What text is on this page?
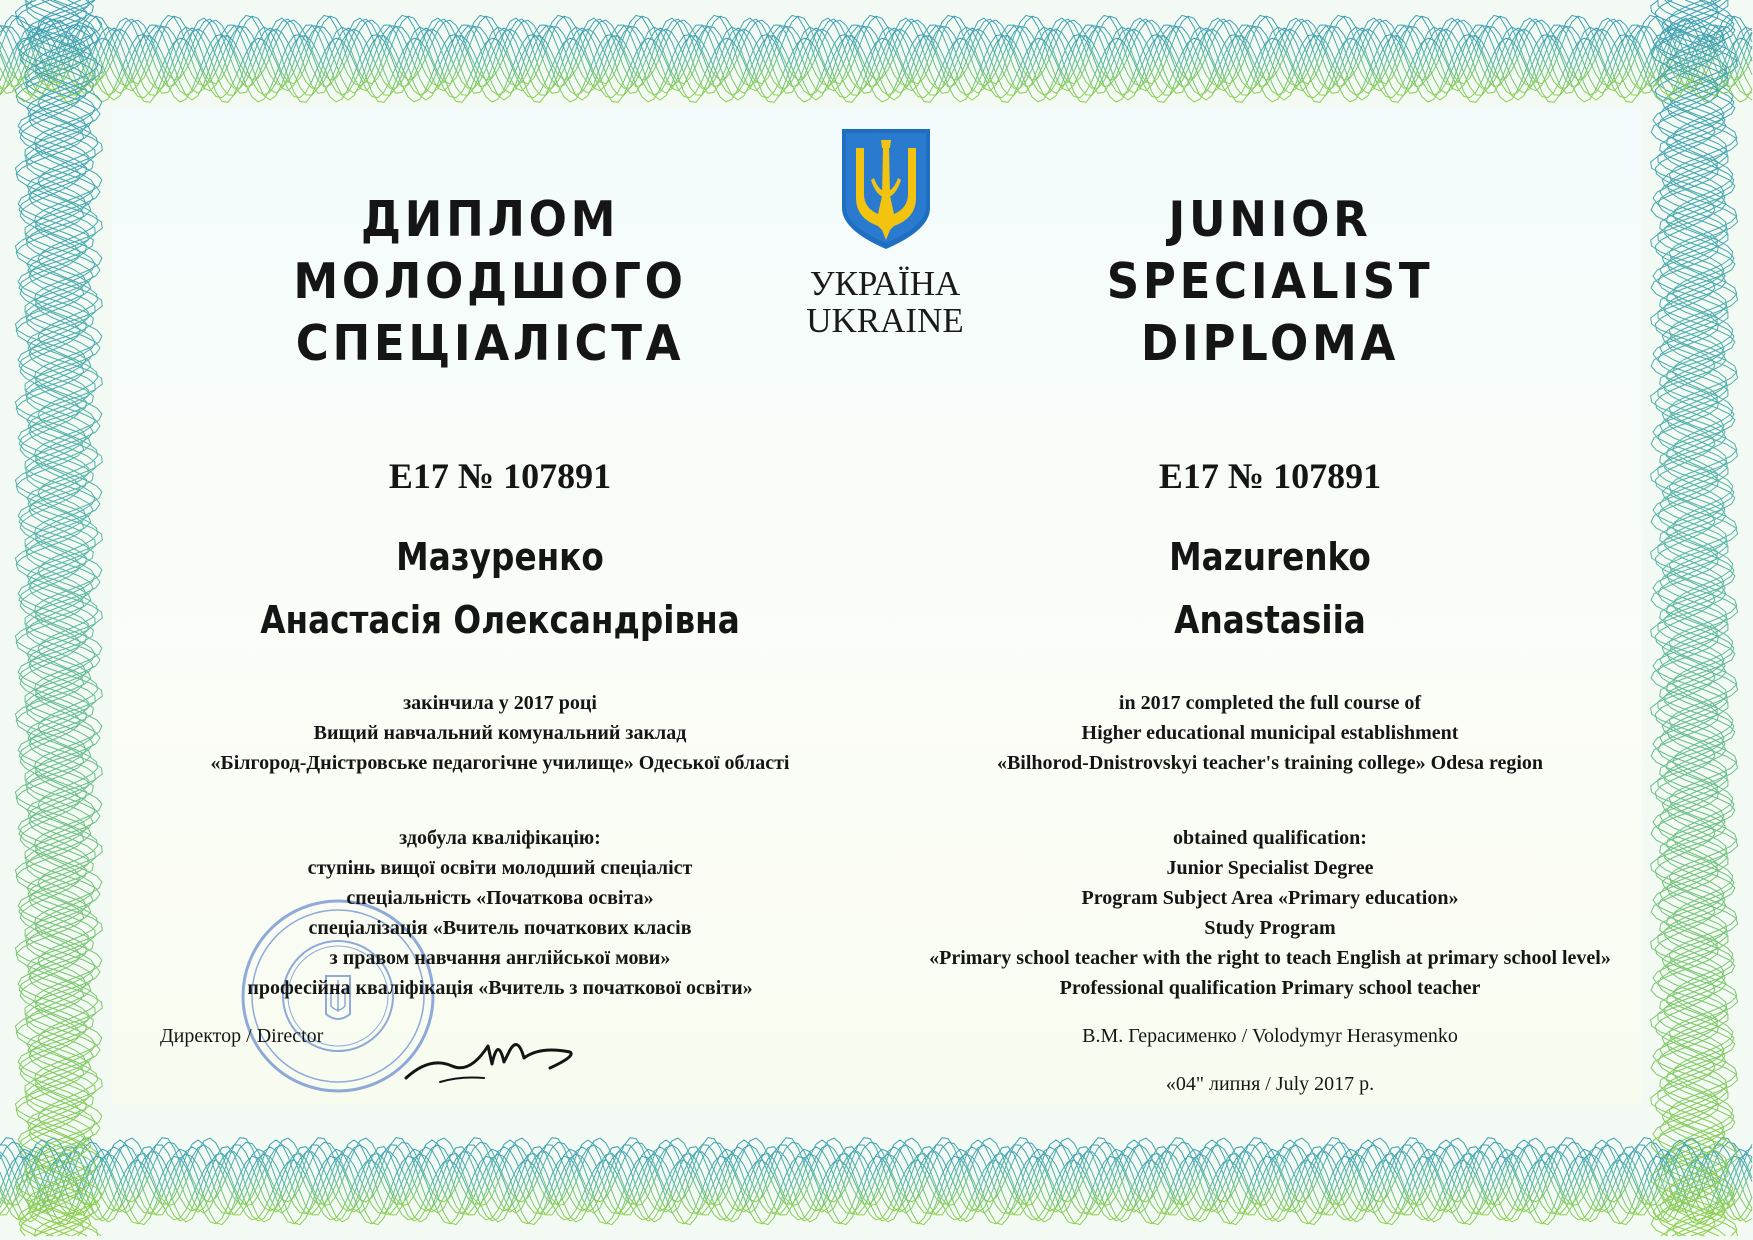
ДИПЛОМ
МОЛОДШОГО
СПЕЦІАЛІСТА
УКРАЇНА
UKRAINE
JUNIOR
SPECIALIST
DIPLOMA
E17 № 107891	E17 № 107891
Мазуренко
Анастасія Олександрівна
Mazurenko
Anastasiia
закінчила у 2017 році
Вищий навчальний комунальний заклад
«Білгород-Дністровське педагогічне училище» Одеської області
in 2017 completed the full course of
Higher educational municipal establishment
«Bilhorod-Dnistrovskyi teacher's training college» Odesa region
здобула кваліфікацію:
ступінь вищої освіти молодший спеціаліст
спеціальність «Початкова освіта»
спеціалізація «Вчитель початкових класів
з правом навчання англійської мови»
професійна кваліфікація «Вчитель з початкової освіти»
obtained qualification:
Junior Specialist Degree
Program Subject Area «Primary education»
Study Program
«Primary school teacher with the right to teach English at primary school level»
Professional qualification Primary school teacher
Директор / Director	В.М. Герасименко / Volodymyr Herasymenko
«04" липня / July 2017 р.
